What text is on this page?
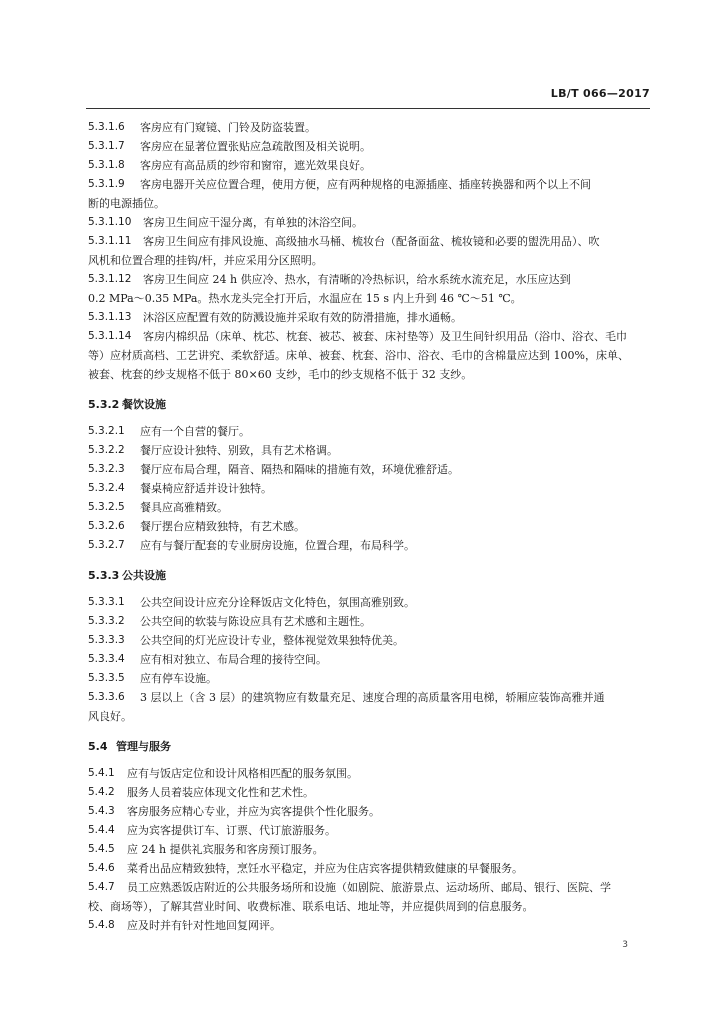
LB/T 066—2017
5.3.1.6	客房应有门窥镜、门铃及防盗装置。
5.3.1.7	客房应在显著位置张贴应急疏散图及相关说明。
5.3.1.8	客房应有高品质的纱帘和窗帘，遮光效果良好。
5.3.1.9	客房电器开关应位置合理，使用方便，应有两种规格的电源插座、插座转换器和两个以上不间
断的电源插位。
5.3.1.10	客房卫生间应干湿分离，有单独的沐浴空间。
5.3.1.11	客房卫生间应有排风设施、高级抽水马桶、梳妆台（配备面盆、梳妆镜和必要的盥洗用品）、吹
风机和位置合理的挂钩/杆，并应采用分区照明。
5.3.1.12	客房卫生间应 24 h 供应冷、热水，有清晰的冷热标识，给水系统水流充足，水压应达到
0.2 MPa～0.35 MPa。热水龙头完全打开后，水温应在 15 s 内上升到 46 ℃～51 ℃。
5.3.1.13	沐浴区应配置有效的防溅设施并采取有效的防滑措施，排水通畅。
5.3.1.14	客房内棉织品（床单、枕芯、枕套、被芯、被套、床衬垫等）及卫生间针织用品（浴巾、浴衣、毛巾
等）应材质高档、工艺讲究、柔软舒适。床单、被套、枕套、浴巾、浴衣、毛巾的含棉量应达到 100%，床单、
被套、枕套的纱支规格不低于 80×60 支纱，毛巾的纱支规格不低于 32 支纱。
5.3.2 餐饮设施
5.3.2.1	应有一个自营的餐厅。
5.3.2.2	餐厅应设计独特、别致，具有艺术格调。
5.3.2.3	餐厅应布局合理，隔音、隔热和隔味的措施有效，环境优雅舒适。
5.3.2.4	餐桌椅应舒适并设计独特。
5.3.2.5	餐具应高雅精致。
5.3.2.6	餐厅摆台应精致独特，有艺术感。
5.3.2.7	应有与餐厅配套的专业厨房设施，位置合理，布局科学。
5.3.3 公共设施
5.3.3.1	公共空间设计应充分诠释饭店文化特色，氛围高雅别致。
5.3.3.2	公共空间的软装与陈设应具有艺术感和主题性。
5.3.3.3	公共空间的灯光应设计专业，整体视觉效果独特优美。
5.3.3.4	应有相对独立、布局合理的接待空间。
5.3.3.5	应有停车设施。
5.3.3.6	3 层以上（含 3 层）的建筑物应有数量充足、速度合理的高质量客用电梯，轿厢应装饰高雅并通
风良好。
5.4 管理与服务
5.4.1	应有与饭店定位和设计风格相匹配的服务氛围。
5.4.2	服务人员着装应体现文化性和艺术性。
5.4.3	客房服务应精心专业，并应为宾客提供个性化服务。
5.4.4	应为宾客提供订车、订票、代订旅游服务。
5.4.5	应 24 h 提供礼宾服务和客房预订服务。
5.4.6	菜肴出品应精致独特，烹饪水平稳定，并应为住店宾客提供精致健康的早餐服务。
5.4.7	员工应熟悉饭店附近的公共服务场所和设施（如剧院、旅游景点、运动场所、邮局、银行、医院、学
校、商场等），了解其营业时间、收费标准、联系电话、地址等，并应提供周到的信息服务。
5.4.8	应及时并有针对性地回复网评。
3
